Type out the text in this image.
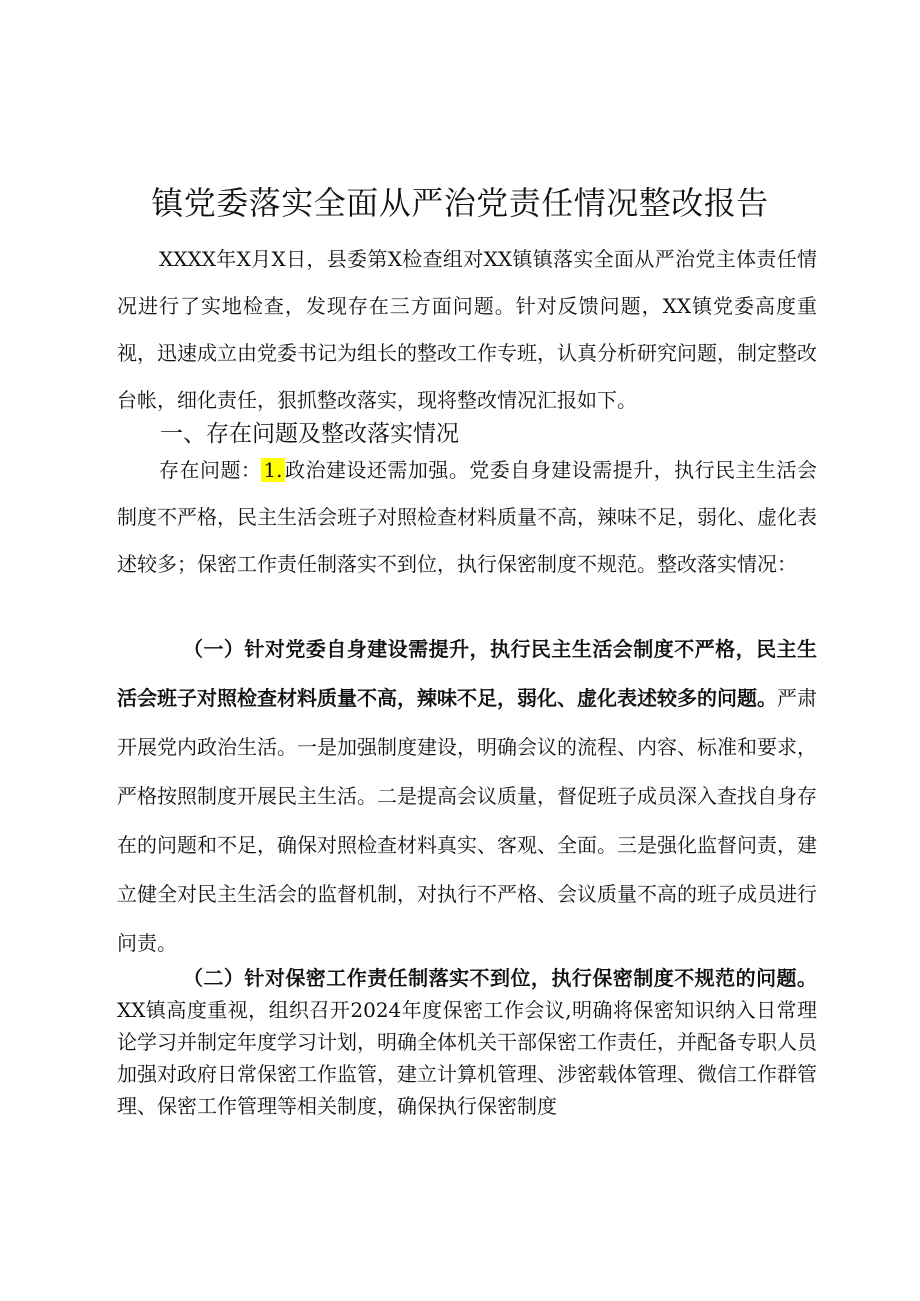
镇党委落实全面从严治党责任情况整改报告
XXXX年X月X日，县委第X检查组对XX镇镇落实全面从严治党主体责任情况进行了实地检查，发现存在三方面问题。针对反馈问题，XX镇党委高度重视，迅速成立由党委书记为组长的整改工作专班，认真分析研究问题，制定整改台帐，细化责任，狠抓整改落实，现将整改情况汇报如下。
一、存在问题及整改落实情况
存在问题： 1. 政治建设还需加强。党委自身建设需提升，执行民主生活会制度不严格，民主生活会班子对照检查材料质量不高，辣味不足，弱化、虚化表述较多；保密工作责任制落实不到位，执行保密制度不规范。整改落实情况：
（一）针对党委自身建设需提升，执行民主生活会制度不严格，民主生活会班子对照检查材料质量不高，辣味不足，弱化、虚化表述较多的问题。严肃开展党内政治生活。一是加强制度建设，明确会议的流程、内容、标准和要求，严格按照制度开展民主生活。二是提高会议质量，督促班子成员深入查找自身存在的问题和不足，确保对照检查材料真实、客观、全面。三是强化监督问责，建立健全对民主生活会的监督机制，对执行不严格、会议质量不高的班子成员进行问责。
（二）针对保密工作责任制落实不到位，执行保密制度不规范的问题。XX镇高度重视，组织召开2024年度保密工作会议,明确将保密知识纳入日常理论学习并制定年度学习计划，明确全体机关干部保密工作责任，并配备专职人员加强对政府日常保密工作监管，建立计算机管理、涉密载体管理、微信工作群管理、保密工作管理等相关制度，确保执行保密制度
